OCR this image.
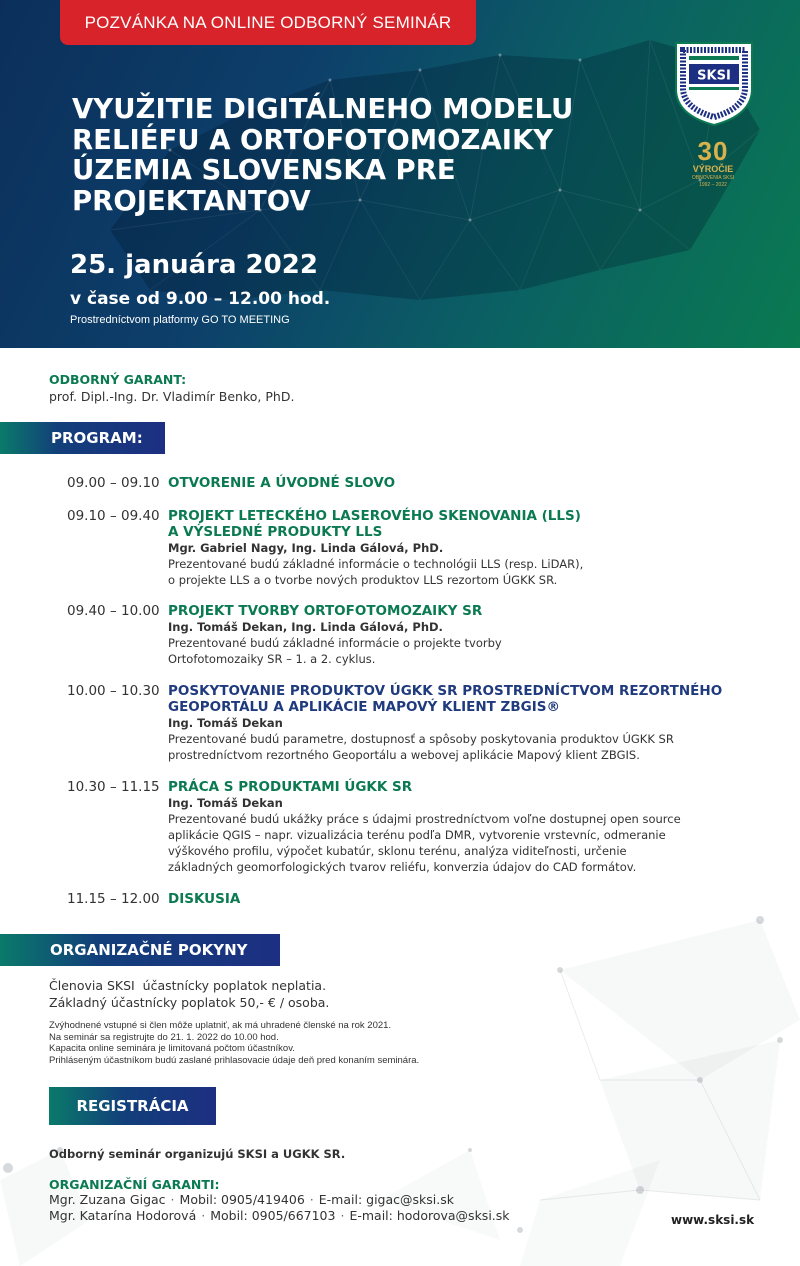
POZVÁNKA NA ONLINE ODBORNÝ SEMINÁR
VYUŽITIE DIGITÁLNEHO MODELU
RELIÉFU A ORTOFOTOMOZAIKY
ÚZEMIA SLOVENSKA PRE
PROJEKTANTOV
25. januára 2022
v čase od 9.00 – 12.00 hod.
Prostredníctvom platformy GO TO MEETING
SKSI
30
VÝROČIE
OBNOVENIA SKSI
1992 – 2022
ODBORNÝ GARANT:
prof. Dipl.-Ing. Dr. Vladimír Benko, PhD.
PROGRAM:
09.00 – 09.10 OTVORENIE A ÚVODNÉ SLOVO
09.10 – 09.40 PROJEKT LETECKÉHO LASEROVÉHO SKENOVANIA (LLS)
A VÝSLEDNÉ PRODUKTY LLS
Mgr. Gabriel Nagy, Ing. Linda Gálová, PhD.
Prezentované budú základné informácie o technológii LLS (resp. LiDAR),
o projekte LLS a o tvorbe nových produktov LLS rezortom ÚGKK SR.
09.40 – 10.00 PROJEKT TVORBY ORTOFOTOMOZAIKY SR
Ing. Tomáš Dekan, Ing. Linda Gálová, PhD.
Prezentované budú základné informácie o projekte tvorby
Ortofotomozaiky SR – 1. a 2. cyklus.
10.00 – 10.30 POSKYTOVANIE PRODUKTOV ÚGKK SR PROSTREDNÍCTVOM REZORTNÉHO
GEOPORTÁLU A APLIKÁCIE MAPOVÝ KLIENT ZBGIS®
Ing. Tomáš Dekan
Prezentované budú parametre, dostupnosť a spôsoby poskytovania produktov ÚGKK SR
prostredníctvom rezortného Geoportálu a webovej aplikácie Mapový klient ZBGIS.
10.30 – 11.15 PRÁCA S PRODUKTAMI ÚGKK SR
Ing. Tomáš Dekan
Prezentované budú ukážky práce s údajmi prostredníctvom voľne dostupnej open source
aplikácie QGIS – napr. vizualizácia terénu podľa DMR, vytvorenie vrstevníc, odmeranie
výškového profilu, výpočet kubatúr, sklonu terénu, analýza viditeľnosti, určenie
základných geomorfologických tvarov reliéfu, konverzia údajov do CAD formátov.
11.15 – 12.00 DISKUSIA
ORGANIZAČNÉ POKYNY
Členovia SKSI  účastnícky poplatok neplatia.
Základný účastnícky poplatok 50,- € / osoba.
Zvýhodnené vstupné si člen môže uplatniť, ak má uhradené členské na rok 2021.
Na seminár sa registrujte do 21. 1. 2022 do 10.00 hod.
Kapacita online seminára je limitovaná počtom účastníkov.
Prihláseným účastníkom budú zaslané prihlasovacie údaje deň pred konaním seminára.
REGISTRÁCIA
Odborný seminár organizujú SKSI a UGKK SR.
ORGANIZAČNÍ GARANTI:
Mgr. Zuzana Gigac · Mobil: 0905/419406 · E-mail: gigac@sksi.sk
Mgr. Katarína Hodorová · Mobil: 0905/667103 · E-mail: hodorova@sksi.sk	www.sksi.sk
